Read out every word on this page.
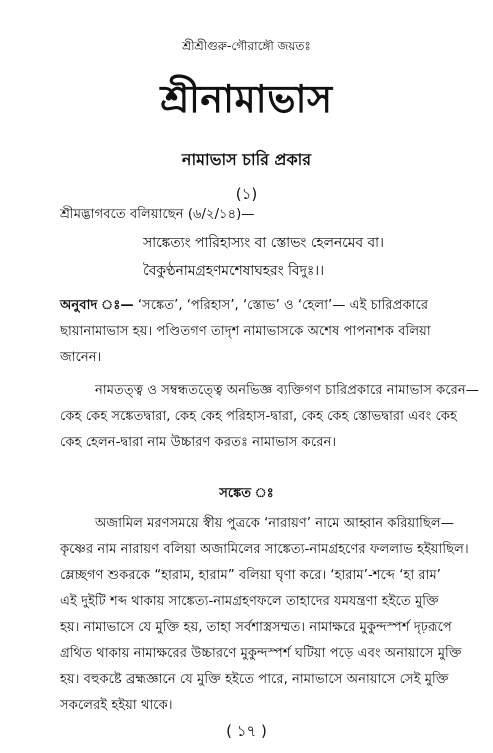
শ্রীশ্রীগুরু-গৌরাঙ্গৌ জয়তঃ
শ্রীনামাভাস
নামাভাস চারি প্রকার
(১)
শ্রীমদ্ভাগবতে বলিয়াছেন (৬/২/১৪)—
সাঙ্কেত্যং পারিহাস্যং বা স্তোভং হেলনমেব বা।
বৈকুণ্ঠনামগ্রহণমশেষাঘহরং বিদুঃ।।
অনুবাদ ঃ— ‘সঙ্কেত’, ‘পরিহাস’, ‘স্তোভ’ ও ‘হেলা’— এই চারিপ্রকারে
ছায়ানামাভাস হয়। পণ্ডিতগণ তাদৃশ নামাভাসকে অশেষ পাপনাশক বলিয়া
জানেন।
নামতত্ত্ব ও সম্বন্ধতত্ত্বে অনভিজ্ঞ ব্যক্তিগণ চারিপ্রকারে নামাভাস করেন—
কেহ কেহ সঙ্কেতদ্বারা, কেহ কেহ পরিহাস-দ্বারা, কেহ কেহ স্তোভদ্বারা এবং কেহ
কেহ হেলন-দ্বারা নাম উচ্চারণ করতঃ নামাভাস করেন।
সঙ্কেত ঃ
অজামিল মরণসময়ে স্বীয় পুত্রকে ‘নারায়ণ’ নামে আহ্বান করিয়াছিল—
কৃষ্ণের নাম নারায়ণ বলিয়া অজামিলের সাঙ্কেত্য-নামগ্রহণের ফললাভ হইয়াছিল।
ম্লেচ্ছগণ শুকরকে “হারাম, হারাম” বলিয়া ঘৃণা করে। ‘হারাম’-শব্দে ‘হা রাম’
এই দুইটি শব্দ থাকায় সাঙ্কেত্য-নামগ্রহণফলে তাহাদের যমযন্ত্রণা হইতে মুক্তি
হয়। নামাভাসে যে মুক্তি হয়, তাহা সর্বশাস্ত্রসম্মত। নামাক্ষরে মুকুন্দস্পর্শ দৃঢ়রূপে
গ্রথিত থাকায় নামাক্ষরের উচ্চারণে মুকুন্দস্পর্শ ঘটিয়া পড়ে এবং অনায়াসে মুক্তি
হয়। বহুকষ্টে ব্রহ্মজ্ঞানে যে মুক্তি হইতে পারে, নামাভাসে অনায়াসে সেই মুক্তি
সকলেরই হইয়া থাকে।
( ১৭ )
